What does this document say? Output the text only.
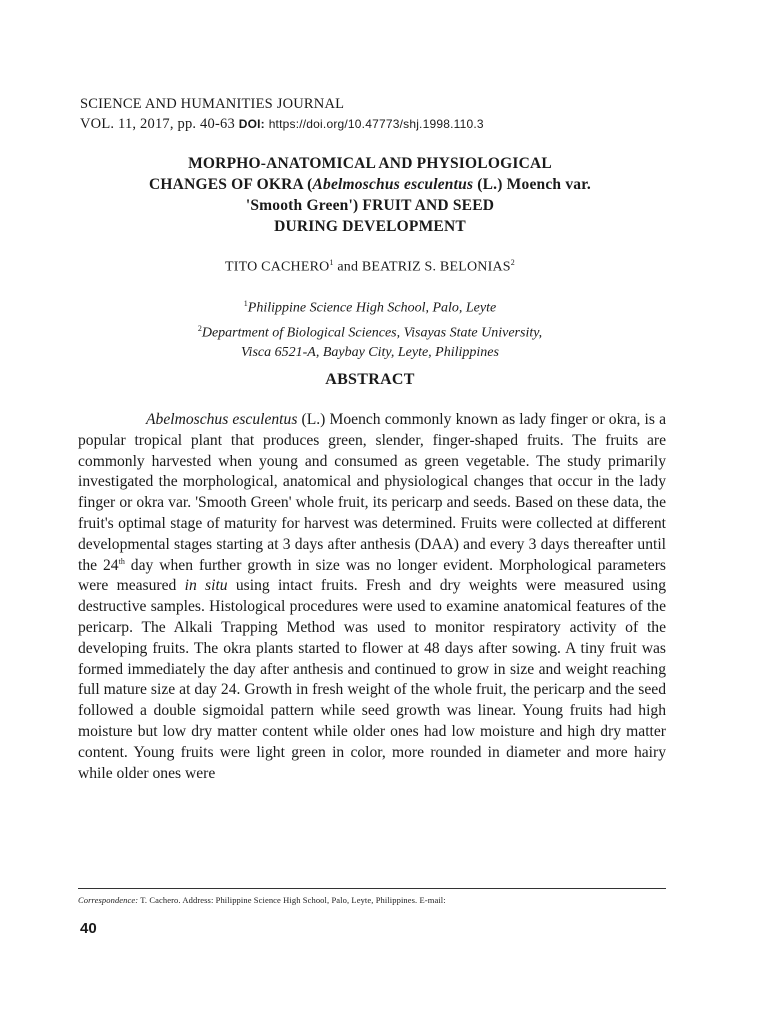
SCIENCE AND HUMANITIES JOURNAL
VOL. 11, 2017, pp. 40-63 DOI: https://doi.org/10.47773/shj.1998.110.3
MORPHO-ANATOMICAL AND PHYSIOLOGICAL
CHANGES OF OKRA (Abelmoschus esculentus (L.) Moench var.
'Smooth Green') FRUIT AND SEED
DURING DEVELOPMENT
TITO CACHERO$^1$ and BEATRIZ S. BELONIAS$^2$
$^1$Philippine Science High School, Palo, Leyte
$^2$Department of Biological Sciences, Visayas State University,
Visca 6521-A, Baybay City, Leyte, Philippines
ABSTRACT
Abelmoschus esculentus (L.) Moench commonly known as lady finger or okra, is a popular tropical plant that produces green, slender, finger-shaped fruits. The fruits are commonly harvested when young and consumed as green vegetable. The study primarily investigated the morphological, anatomical and physiological changes that occur in the lady finger or okra var. 'Smooth Green' whole fruit, its pericarp and seeds. Based on these data, the fruit's optimal stage of maturity for harvest was determined. Fruits were collected at different developmental stages starting at 3 days after anthesis (DAA) and every 3 days thereafter until the 24th day when further growth in size was no longer evident. Morphological parameters were measured in situ using intact fruits. Fresh and dry weights were measured using destructive samples. Histological procedures were used to examine anatomical features of the pericarp. The Alkali Trapping Method was used to monitor respiratory activity of the developing fruits. The okra plants started to flower at 48 days after sowing. A tiny fruit was formed immediately the day after anthesis and continued to grow in size and weight reaching full mature size at day 24. Growth in fresh weight of the whole fruit, the pericarp and the seed followed a double sigmoidal pattern while seed growth was linear. Young fruits had high moisture but low dry matter content while older ones had low moisture and high dry matter content. Young fruits were light green in color, more rounded in diameter and more hairy while older ones were
Correspondence: T. Cachero. Address: Philippine Science High School, Palo, Leyte, Philippines. E-mail:
40
